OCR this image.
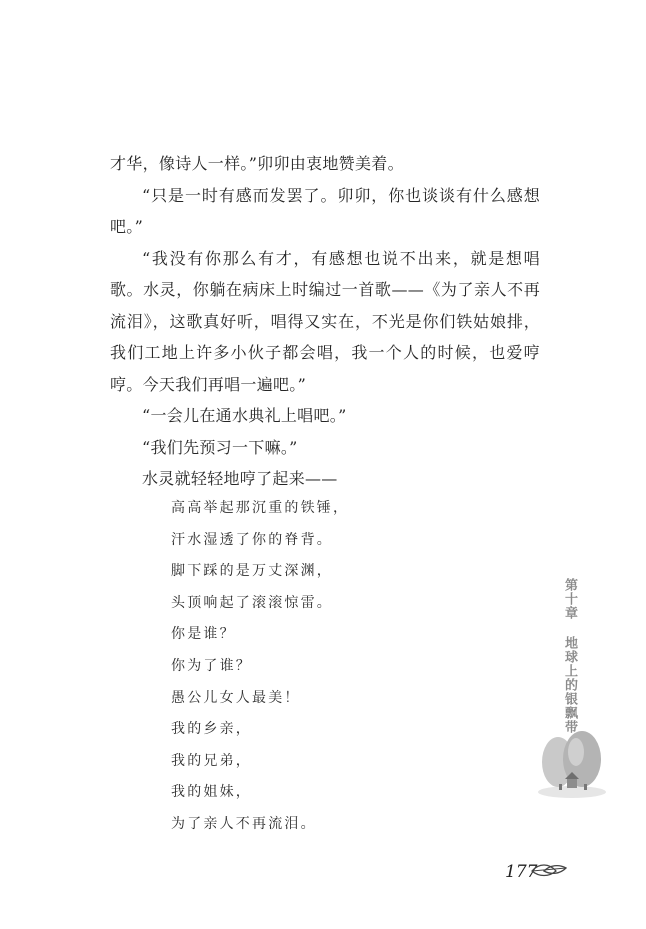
才华，像诗人一样。”卯卯由衷地赞美着。

“只是一时有感而发罢了。卯卯，你也谈谈有什么感想吧。”

“我没有你那么有才，有感想也说不出来，就是想唱歌。水灵，你躺在病床上时编过一首歌——《为了亲人不再流泪》，这歌真好听，唱得又实在，不光是你们铁姑娘排，我们工地上许多小伙子都会唱，我一个人的时候，也爱哼哼。今天我们再唱一遍吧。”

“一会儿在通水典礼上唱吧。”

“我们先预习一下嘛。”

水灵就轻轻地哼了起来——

高高举起那沉重的铁锤，
汗水湿透了你的脊背。
脚下踩的是万丈深渊，
头顶响起了滚滚惊雷。
你是谁？
你为了谁？
愚公儿女人最美！
我的乡亲，
我的兄弟，
我的姐妹，
为了亲人不再流泪。
第十章
地球上的银飘带
177
